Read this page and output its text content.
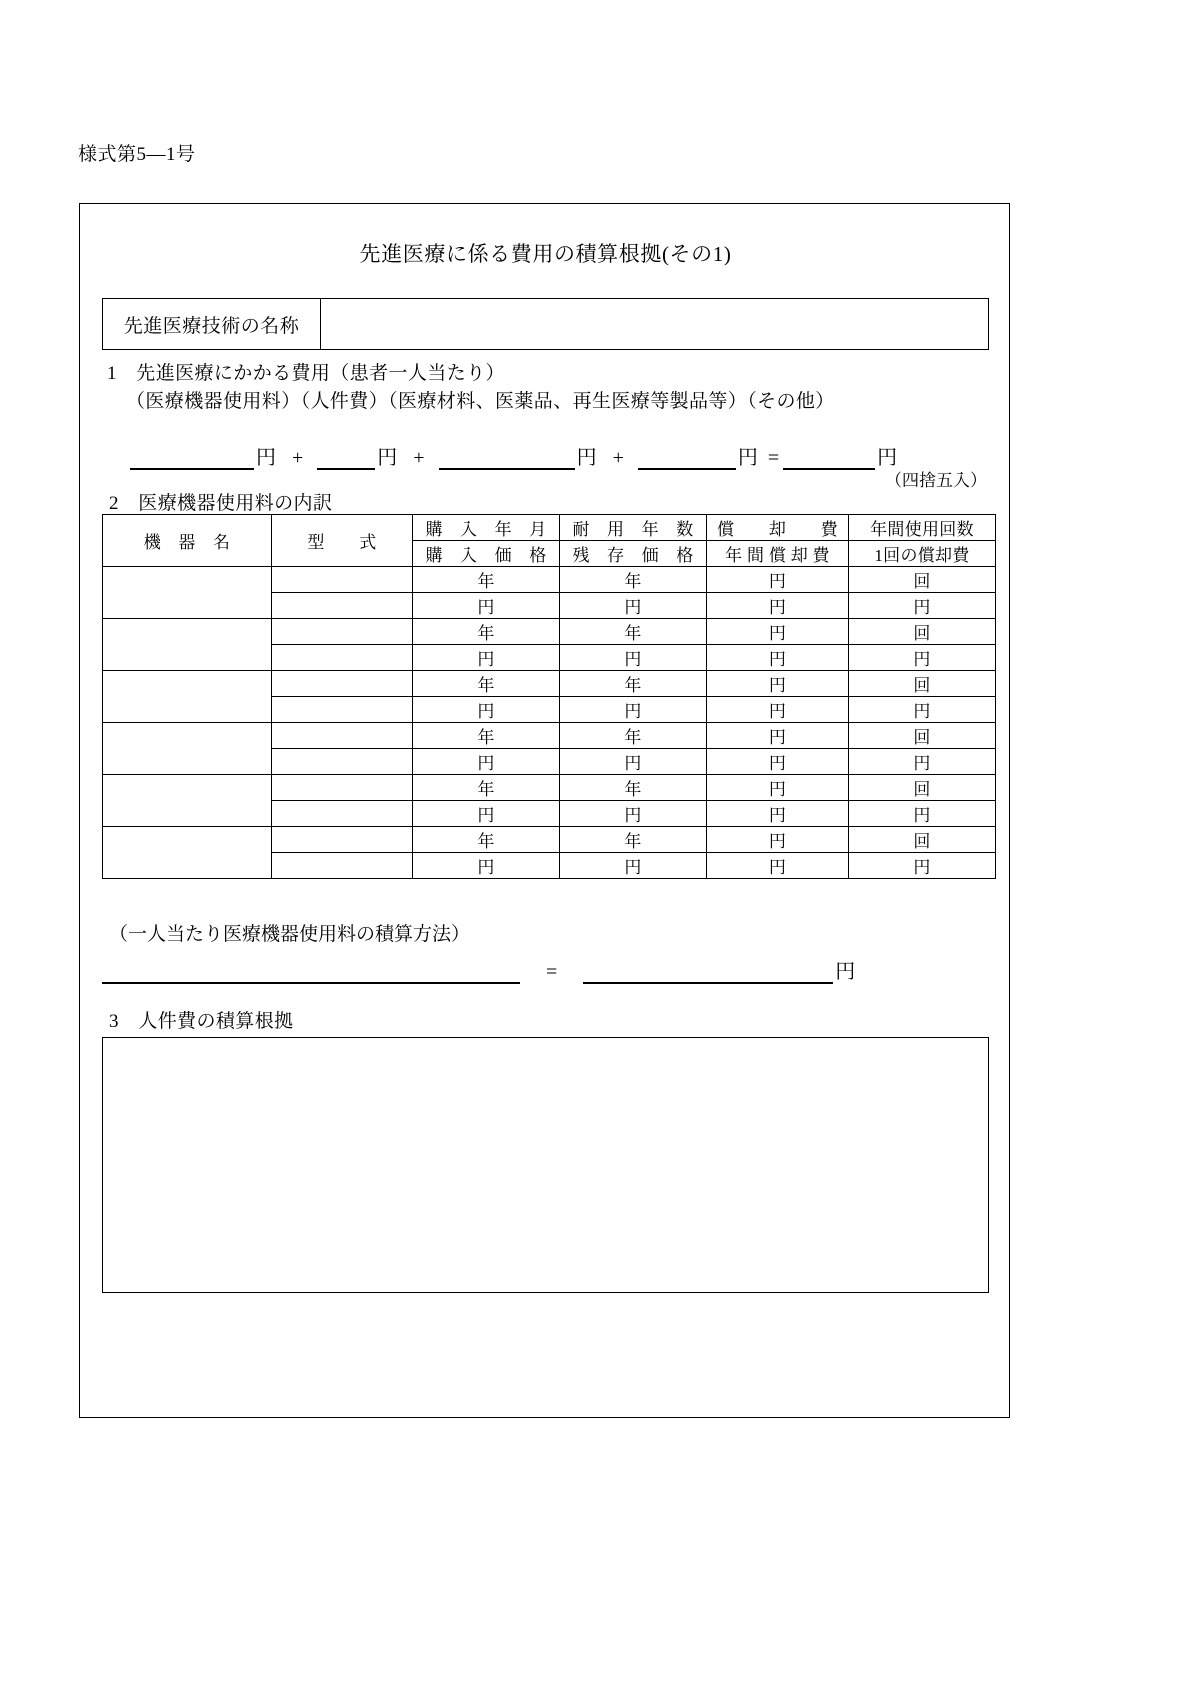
様式第5—1号
先進医療に係る費用の積算根拠(その1)
先進医療技術の名称
1　先進医療にかかる費用（患者一人当たり）
（医療機器使用料）（人件費）（医療材料、医薬品、再生医療等製品等）（その他）
円 +	円 +	円 +	円 =	円
（四捨五入）
2　医療機器使用料の内訳
機　器　名	型　　式	購　入　年　月	耐　用　年　数	償　　却　　費	年間使用回数
		購　入　価　格	残　存　価　格	年 間 償 却 費	1回の償却費
		年	年	円	回
		円	円	円	円
		年	年	円	回
		円	円	円	円
		年	年	円	回
		円	円	円	円
		年	年	円	回
		円	円	円	円
		年	年	円	回
		円	円	円	円
		年	年	円	回
		円	円	円	円
（一人当たり医療機器使用料の積算方法）
=	円
3　人件費の積算根拠
